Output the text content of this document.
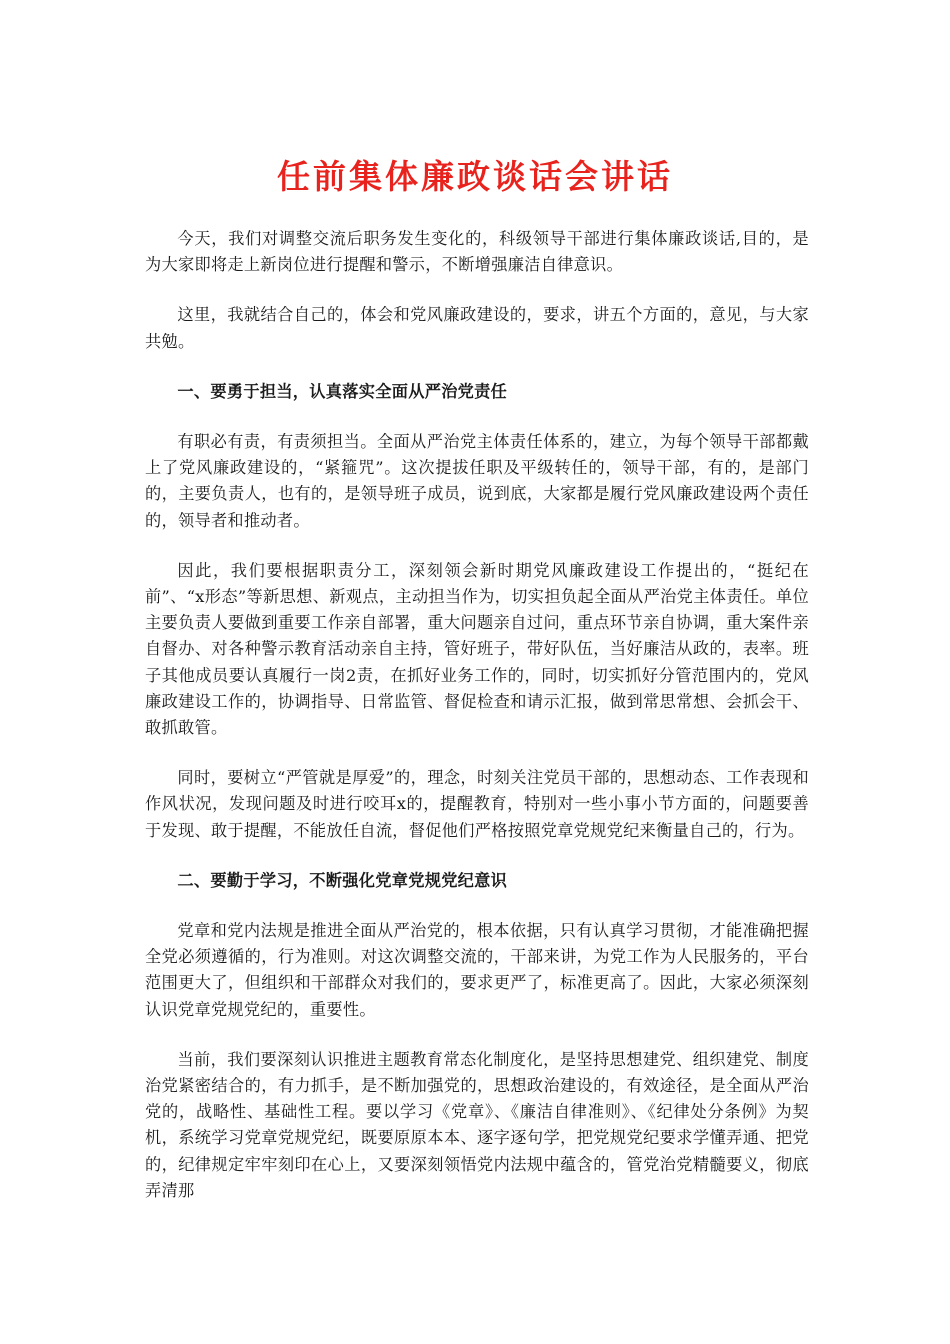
任前集体廉政谈话会讲话

今天，我们对调整交流后职务发生变化的，科级领导干部进行集体廉政谈话,目的，是为大家即将走上新岗位进行提醒和警示，不断增强廉洁自律意识。

这里，我就结合自己的，体会和党风廉政建设的，要求，讲五个方面的，意见，与大家共勉。

一、要勇于担当，认真落实全面从严治党责任

有职必有责，有责须担当。全面从严治党主体责任体系的，建立，为每个领导干部都戴上了党风廉政建设的，“紧箍咒”。这次提拔任职及平级转任的，领导干部，有的，是部门的，主要负责人，也有的，是领导班子成员，说到底，大家都是履行党风廉政建设两个责任的，领导者和推动者。

因此，我们要根据职责分工，深刻领会新时期党风廉政建设工作提出的，“挺纪在前”、“x形态”等新思想、新观点，主动担当作为，切实担负起全面从严治党主体责任。单位主要负责人要做到重要工作亲自部署，重大问题亲自过问，重点环节亲自协调，重大案件亲自督办、对各种警示教育活动亲自主持，管好班子，带好队伍，当好廉洁从政的，表率。班子其他成员要认真履行一岗2责，在抓好业务工作的，同时，切实抓好分管范围内的，党风廉政建设工作的，协调指导、日常监管、督促检查和请示汇报，做到常思常想、会抓会干、敢抓敢管。

同时，要树立“严管就是厚爱”的，理念，时刻关注党员干部的，思想动态、工作表现和作风状况，发现问题及时进行咬耳x的，提醒教育，特别对一些小事小节方面的，问题要善于发现、敢于提醒，不能放任自流，督促他们严格按照党章党规党纪来衡量自己的，行为。

二、要勤于学习，不断强化党章党规党纪意识

党章和党内法规是推进全面从严治党的，根本依据，只有认真学习贯彻，才能准确把握全党必须遵循的，行为准则。对这次调整交流的，干部来讲，为党工作为人民服务的，平台范围更大了，但组织和干部群众对我们的，要求更严了，标准更高了。因此，大家必须深刻认识党章党规党纪的，重要性。

当前，我们要深刻认识推进主题教育常态化制度化，是坚持思想建党、组织建党、制度治党紧密结合的，有力抓手，是不断加强党的，思想政治建设的，有效途径，是全面从严治党的，战略性、基础性工程。要以学习《党章》、《廉洁自律准则》、《纪律处分条例》为契机，系统学习党章党规党纪，既要原原本本、逐字逐句学，把党规党纪要求学懂弄通、把党的，纪律规定牢牢刻印在心上，又要深刻领悟党内法规中蕴含的，管党治党精髓要义，彻底弄清那
